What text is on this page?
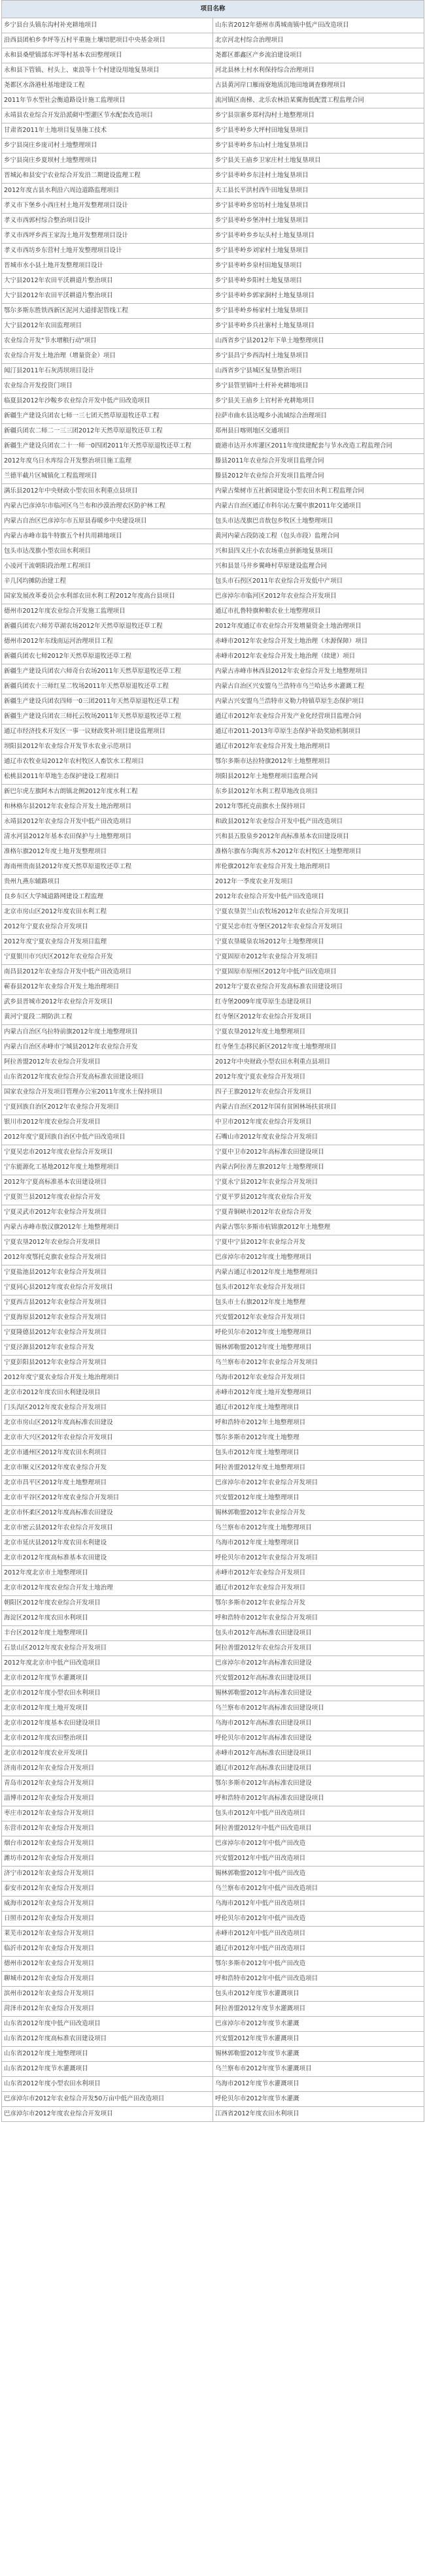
项目名称	
乡宁县台头镇东沟村补充耕地项目	山东省2012年德州市禹城南镇中低产田改造项目
沿西县团柏乡李坪等五村平重施土壤培肥项目中央基金项目	北京河北村综合治理项目
永和县桑壁镇部东坪等村基本农田整理项目	尧都区都鑫区产乡流泊建设项目
永和县下管镇、村头上、東浪等十个村建设用地复垦项目	河北县林土村水利保持综合治理项目
尧都区水洛港杜基地建设工程	古县黄河岸口雁雨寮地质沉地田地调查修理项目
2011年节水型社会衡道路设计施工监理项目	流河镇区南梯、北乐农林沿某翼海低配置工程监理合同
永靖县农业综合开发沿派砌中型灌区节水配套改造项目	乡宁县崇寨乡郑村沟村土地整理项目
甘肃省2011年土地项目复垦施工技术	乡宁县枣岭乡大坪村田地复垦项目
乡宁县岗庄乡庞司村土地整理项目	乡宁县枣岭乡东山村土地复垦项目
乡宁县岗庄乡夏坝村土地整理项目	乡宁县关王庙乡卫家庄村土地复垦项目
晋城沁和县安宁农业综合开发沿二期建设监理工程	乡宁县枣岭乡东洼村土地复垦项目
2012年度古县水利沿六周边道路监理项目	夫工县长平洪村西牛田地复垦项目
孝义市下堡乡小西庄村土地开发整理项目设计	乡宁县枣岭乡窑坊村土地复垦项目
孝义市西郭村综合整治项目设计	乡宁县枣岭乡堡冲村土地复垦项目
孝义市西坪乡西王家沟土地开发整理项目设计	乡宁县枣岭乡乡坛头村土地复垦项目
孝义市西坊乡东营村土地开发整理项目设计	乡宁县枣岭乡刘家村土地复垦项目
晋城市水小县土地开发整理项目设计	乡宁县枣岭乡泉村田地复垦项目
大宁县2012年农田平沃耕道片整治项目	乡宁县枣岭乡阳村土地复垦项目
大宁县2012年农田平沃耕道片整治项目	乡宁县枣岭乡郭家涧村土地复垦项目
鄂尔多斯东胜铁西新区泥河大道排泥管线工程	乡宁县枣岭乡杨家村土地复垦项目
大宁县2012年农田监理项目	乡宁县枣岭乡兵社寨村土地复垦项目
农业综合开发"节水增粮行动"项目	山西省乡宁县2012年下单土地整理项目
农业综合开发土地治理（增量资金）项目	乡宁县昌宁乡西沟村土地复垦项目
闻汀县2011年石灰湾坝项目设计	山西省乡宁县城区复垦整治项目
农业综合开发投资门项目	乡宁县管里镇叶土杆补充耕地项目
临夏县2012年沙鞍乡农业综合开发中低产田改造项目	乡宁县关王庙乡上官村补充耕地项目
新疆生产建设兵团农七师一三七团天然草原退牧还草工程	拉萨市曲水县达嘎乡小流域综合治理项目
新疆兵团农二师二一三三团2012年天然草原退牧还草工程	郑州县日喀则地区交通项目
新疆生产建设兵团农二十一师一0四团2011年天然草原退牧还草工程	鹿港市达开水库灌区2011年度续建配套与节水改造工程监理合同
2012年度乌日水库综合开发整治项目施工监理	滕县2011年农业综合开发项目监理合同
兰德半截片区城镇化工程监理项目	滕县2012年农业综合开发项目监理合同
满乐县2012年中央财政小型农田水利重点县项目	内蒙古柴树市五社新园建设小型农田水利工程监理合同
内蒙古巴彦淖尔市临河区乌兰布和沙漠治理农区防护林工程	内蒙古自治区通辽市科尔沁左翼中旗2011年交通项目
内蒙古自治区巴彦淖尔市五原县春暖乡中央建设项目	包头市达茂旗巴音敖包乡牧区土地整理项目
内蒙古赤峰市翁牛特旗五个村共用耕地项目	黄河内蒙古段防凌工程（包头市段）监理合同
包头市达茂旗小型农田水利项目	兴和县四义庄小农农场重点拼新地复垦项目
小凌河干流朝阳段治理工程项目	兴和县景马井乡翼峰村草原建设监理合同
辛几冈均摊防治建工程	包头市石拐区2011年农业综合开发低中产项目
国家发展改革委员会水利部农田水利工程2012年度高台县项目	巴彦淖尔市临河区2012年农业综合开发项目
德州市2012年度农业综合开发施工监理项目	通辽市扎鲁特旗种粮农业土地整理项目
新疆兵团农六师芳草湖农场2012年天然草原退牧还草工程	2012年度通辽市农业综合开发增量资金土地治理项目
德州市2012年东线南运河治理项目工程	赤峰市2012年农业综合开发土地治理（水源保障）项目
新疆兵团农七师2012年天然草原退牧还草工程	赤峰市2012年农业综合开发土地治理（续建）项目
新疆生产建设兵团农六师奇台农场2011年天然草原退牧还草工程	内蒙古赤峰市林西县2012年农业综合开发土地整理项目
新疆兵团农十三师红星二牧场2011年天然草原退牧还草工程	内蒙古自治区兴安盟乌兰浩特市乌兰哈达乡水灌溉工程
新疆生产建设兵团农四师一0三团2011年天然草原退牧还草工程	内蒙古兴安盟乌兰浩特市义勒力特镇草原生态保护项目
新疆生产建设兵团农三师托云牧场2011年天然草原退牧还草工程	通辽市2012年农业综合开发产业化经营项目监理合同
通辽市经济技术开发区一事一议财政奖补项目建设监理项目	通辽市2011-2013年草原生态保护补助奖励机制项目
坝阳县2012年农业综合开发节水农业示范项目	通辽市2012年农业综合开发土地治理项目
通辽市农牧业局2012年农村牧区人畜饮水工程项目	鄂尔多斯市达拉特旗2012年土地整理项目
松桃县2011年草地生态保护建设工程项目	坝阳县2012年土地整理项目监理合同
新巴尔虎左旗阿木古朗镇北侧2012年度水利工程	东乡县2012年水利工程草地改良项目
和林格尔县2012年农业综合开发土地治理项目	2012年鄂托克前旗水土保持项目
永靖县2012年农业综合开发中低产田改造项目	和政县2012年农业综合开发中低产田改造项目
清水河县2012年基本农田保护与土地整理项目	兴和县五股泉乡2012年高标准基本农田建设项目
准格尔旗2012年度土地开发整理项目	准格尔旗布尔陶亥苏木2012年农村牧区土地整理项目
海南州贵南县2012年度天然草原退牧还草工程	库伦旗2012年农业综合开发土地治理项目
贵州九燕东辅路项目	2012年一季度农业开发项目
良乡东区大学城道路网建设工程监理	2012年农业综合开发中低产田改造项目
北京市房山区2012年度农田水利工程	宁夏农垦贺兰山农牧场2012年农业综合开发项目
2012年宁夏农业综合开发项目	宁夏吴忠市红寺堡区2012年农业综合开发项目
2012年度宁夏农业综合开发项目监理	宁夏农垦暖泉农场2012年土地整理项目
宁夏银川市兴庆区2012年农业综合开发	宁夏固原市2012年农业综合开发项目
南昌县2012年农业综合开发中低产田改造项目	宁夏固原市原州区2012年中低产田改造项目
蕲春县2012年农业综合开发土地治理项目	2012年宁夏农业综合开发高标准农田建设项目
武乡县晋城市2012年农业综合开发项目	红寺堡2009年度草原生态建设项目
黄河宁夏段二期防洪工程	红寺堡区2012年农业综合开发项目
内蒙古自治区乌拉特前旗2012年度土地整理项目	宁夏农垦2012年度土地整理项目
内蒙古自治区赤峰市宁城县2012年农业综合开发	红寺堡生态移民新区2012年度土地整理项目
阿拉善盟2012年农业综合开发项目	2012年中央财政小型农田水利重点县项目
山东省2012年度农业综合开发高标准农田建设项目	2012年度宁夏农业综合开发项目
国家农业综合开发项目管理办公室2011年度水土保持项目	四子王旗2012年农业综合开发项目
宁夏回族自治区2012年农业综合开发项目	内蒙古自治区2012年国有贫困林场扶贫项目
银川市2012年度农业综合开发项目	中卫市2012年度农业综合开发项目
2012年度宁夏回族自治区中低产田改造项目	石嘴山市2012年度农业综合开发项目
宁夏吴忠市2012年度农业综合开发项目	宁夏中卫市2012年高标准农田建设项目
宁东能源化工基地2012年度土地整理项目	内蒙古阿拉善左旗2012年土地整理项目
2012年宁夏高标准基本农田建设项目	宁夏永宁县2012年农业综合开发项目
宁夏贺兰县2012年度农业综合开发	宁夏平罗县2012年度农业综合开发
宁夏灵武市2012年农业综合开发项目	宁夏青铜峡市2012年农业综合开发
内蒙古赤峰市敖汉旗2012年土地整理项目	内蒙古鄂尔多斯市杭锦旗2012年土地整理
宁夏农垦2012年农业综合开发项目	宁夏中宁县2012年农业综合开发
2012年度鄂托克旗农业综合开发项目	巴彦淖尔市2012年度土地整理项目
宁夏盐池县2012年农业综合开发项目	内蒙古通辽市2012年度土地整理项目
宁夏同心县2012年度农业综合开发项目	包头市2012年农业综合开发项目
宁夏西吉县2012年农业综合开发项目	包头市土右旗2012年度土地整理
宁夏海原县2012年农业综合开发项目	兴安盟2012年农业综合开发项目
宁夏隆德县2012年农业综合开发项目	呼伦贝尔市2012年度土地整理项目
宁夏泾源县2012年农业综合开发	锡林郭勒盟2012年度土地整理项目
宁夏彭阳县2012年农业综合开发项目	乌兰察布市2012年农业综合开发项目
2012年度宁夏农业综合开发土地治理项目	乌海市2012年农业综合开发项目
北京市2012年度农田水利建设项目	赤峰市2012年度土地开发整理项目
门头沟区2012年度农业综合开发项目	通辽市2012年度土地整理项目
北京市房山区2012年度高标准农田建设	呼和浩特市2012年土地整理项目
北京市大兴区2012年农业综合开发项目	鄂尔多斯市2012年度土地整理
北京市通州区2012年度农田水利项目	包头市2012年度土地整理项目
北京市顺义区2012年度农业综合开发	阿拉善盟2012年度土地整理项目
北京市昌平区2012年度土地整理项目	巴彦淖尔市2012年农业综合开发项目
北京市平谷区2012年度农业综合开发项目	兴安盟2012年度土地整理项目
北京市怀柔区2012年度高标准农田建设	锡林郭勒盟2012年农业综合开发
北京市密云县2012年农业综合开发项目	乌兰察布市2012年度土地整理项目
北京市延庆县2012年度农田水利建设	乌海市2012年度土地整理项目
北京市2012年度高标准基本农田建设	呼伦贝尔市2012年农业综合开发项目
2012年度北京市土地整理项目	赤峰市2012年农业综合开发项目
北京市2012年度农业综合开发土地治理	通辽市2012年农业综合开发项目
朝阳区2012年度农业综合开发项目	鄂尔多斯市2012年农业综合开发
海淀区2012年度农田水利项目	呼和浩特市2012年农业综合开发项目
丰台区2012年度土地整理项目	包头市2012年高标准农田建设项目
石景山区2012年度农业综合开发项目	阿拉善盟2012年农业综合开发项目
2012年度北京市中低产田改造项目	巴彦淖尔市2012年高标准农田建设
北京市2012年度节水灌溉项目	兴安盟2012年高标准农田建设项目
北京市2012年度小型农田水利项目	锡林郭勒盟2012年高标准农田建设
北京市2012年度土地开发项目	乌兰察布市2012年高标准农田建设项目
北京市2012年度基本农田建设项目	乌海市2012年高标准农田建设项目
北京市2012年度农田整治项目	呼伦贝尔市2012年高标准农田建设
北京市2012年度农业开发项目	赤峰市2012年高标准农田建设项目
济南市2012年农业综合开发项目	通辽市2012年高标准农田建设项目
青岛市2012年农业综合开发项目	鄂尔多斯市2012年高标准农田建设
淄博市2012年农业综合开发项目	呼和浩特市2012年高标准农田建设项目
枣庄市2012年农业综合开发项目	包头市2012年中低产田改造项目
东营市2012年农业综合开发项目	阿拉善盟2012年中低产田改造项目
烟台市2012年农业综合开发项目	巴彦淖尔市2012年中低产田改造
潍坊市2012年农业综合开发项目	兴安盟2012年中低产田改造项目
济宁市2012年农业综合开发项目	锡林郭勒盟2012年中低产田改造
泰安市2012年农业综合开发项目	乌兰察布市2012年中低产田改造项目
威海市2012年农业综合开发项目	乌海市2012年中低产田改造项目
日照市2012年农业综合开发项目	呼伦贝尔市2012年中低产田改造
莱芜市2012年农业综合开发项目	赤峰市2012年中低产田改造项目
临沂市2012年农业综合开发项目	通辽市2012年中低产田改造项目
德州市2012年农业综合开发项目	鄂尔多斯市2012年中低产田改造
聊城市2012年农业综合开发项目	呼和浩特市2012年中低产田改造项目
滨州市2012年农业综合开发项目	包头市2012年度节水灌溉项目
菏泽市2012年农业综合开发项目	阿拉善盟2012年度节水灌溉项目
山东省2012年度中低产田改造项目	巴彦淖尔市2012年度节水灌溉
山东省2012年度高标准农田建设项目	兴安盟2012年度节水灌溉项目
山东省2012年度土地整理项目	锡林郭勒盟2012年度节水灌溉
山东省2012年度节水灌溉项目	乌兰察布市2012年度节水灌溉项目
山东省2012年度小型农田水利项目	乌海市2012年度节水灌溉项目
巴彦淖尔市2012年农业综合开发50万亩中低产田改造项目	呼伦贝尔市2012年度节水灌溉
巴彦淖尔市2012年度农业综合开发项目	江西省2012年度农田水利项目
